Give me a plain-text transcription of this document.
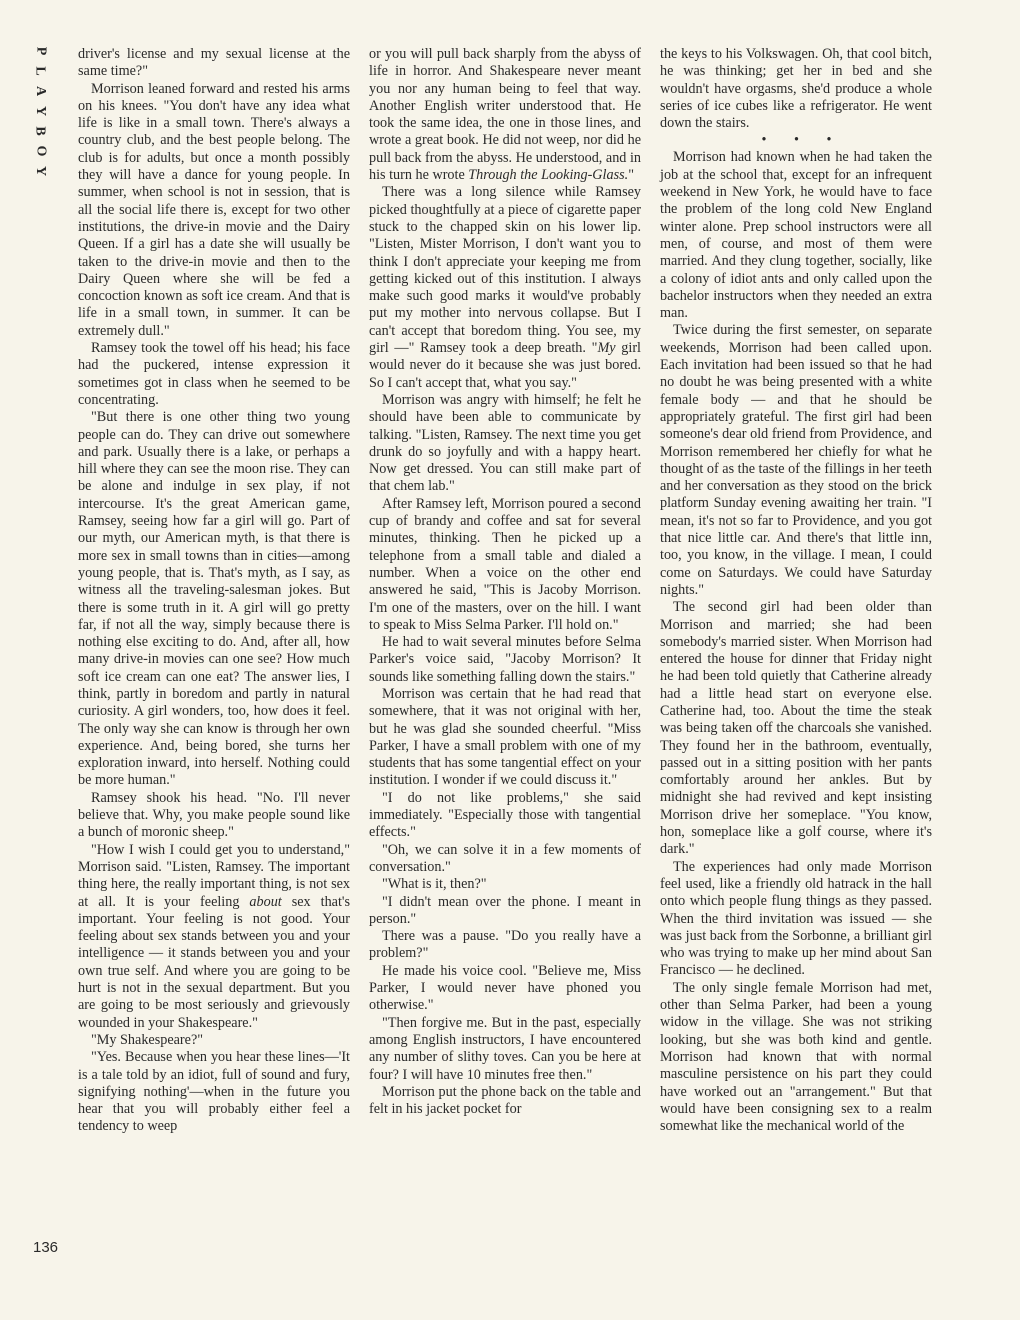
P
L
A
Y
B
O
Y

driver's license and my sexual license at the same time?"

Morrison leaned forward and rested his arms on his knees. "You don't have any idea what life is like in a small town. There's always a country club, and the best people belong. The club is for adults, but once a month possibly they will have a dance for young people. In summer, when school is not in session, that is all the social life there is, except for two other institutions, the drive-in movie and the Dairy Queen. If a girl has a date she will usually be taken to the drive-in movie and then to the Dairy Queen where she will be fed a concoction known as soft ice cream. And that is life in a small town, in summer. It can be extremely dull."

Ramsey took the towel off his head; his face had the puckered, intense expression it sometimes got in class when he seemed to be concentrating.

"But there is one other thing two young people can do. They can drive out somewhere and park. Usually there is a lake, or perhaps a hill where they can see the moon rise. They can be alone and indulge in sex play, if not intercourse. It's the great American game, Ramsey, seeing how far a girl will go. Part of our myth, our American myth, is that there is more sex in small towns than in cities—among young people, that is. That's myth, as I say, as witness all the traveling-salesman jokes. But there is some truth in it. A girl will go pretty far, if not all the way, simply because there is nothing else exciting to do. And, after all, how many drive-in movies can one see? How much soft ice cream can one eat? The answer lies, I think, partly in boredom and partly in natural curiosity. A girl wonders, too, how does it feel. The only way she can know is through her own experience. And, being bored, she turns her exploration inward, into herself. Nothing could be more human."

Ramsey shook his head. "No. I'll never believe that. Why, you make people sound like a bunch of moronic sheep."

"How I wish I could get you to understand," Morrison said. "Listen, Ramsey. The important thing here, the really important thing, is not sex at all. It is your feeling about sex that's important. Your feeling is not good. Your feeling about sex stands between you and your intelligence — it stands between you and your own true self. And where you are going to be hurt is not in the sexual department. But you are going to be most seriously and grievously wounded in your Shakespeare."

"My Shakespeare?"

"Yes. Because when you hear these lines—'It is a tale told by an idiot, full of sound and fury, signifying nothing'—when in the future you hear that you will probably either feel a tendency to weep

or you will pull back sharply from the abyss of life in horror. And Shakespeare never meant you nor any human being to feel that way. Another English writer understood that. He took the same idea, the one in those lines, and wrote a great book. He did not weep, nor did he pull back from the abyss. He understood, and in his turn he wrote Through the Looking-Glass."

There was a long silence while Ramsey picked thoughtfully at a piece of cigarette paper stuck to the chapped skin on his lower lip. "Listen, Mister Morrison, I don't want you to think I don't appreciate your keeping me from getting kicked out of this institution. I always make such good marks it would've probably put my mother into nervous collapse. But I can't accept that boredom thing. You see, my girl —" Ramsey took a deep breath. "My girl would never do it because she was just bored. So I can't accept that, what you say."

Morrison was angry with himself; he felt he should have been able to communicate by talking. "Listen, Ramsey. The next time you get drunk do so joyfully and with a happy heart. Now get dressed. You can still make part of that chem lab."

After Ramsey left, Morrison poured a second cup of brandy and coffee and sat for several minutes, thinking. Then he picked up a telephone from a small table and dialed a number. When a voice on the other end answered he said, "This is Jacoby Morrison. I'm one of the masters, over on the hill. I want to speak to Miss Selma Parker. I'll hold on."

He had to wait several minutes before Selma Parker's voice said, "Jacoby Morrison? It sounds like something falling down the stairs."

Morrison was certain that he had read that somewhere, that it was not original with her, but he was glad she sounded cheerful. "Miss Parker, I have a small problem with one of my students that has some tangential effect on your institution. I wonder if we could discuss it."

"I do not like problems," she said immediately. "Especially those with tangential effects."

"Oh, we can solve it in a few moments of conversation."

"What is it, then?"

"I didn't mean over the phone. I meant in person."

There was a pause. "Do you really have a problem?"

He made his voice cool. "Believe me, Miss Parker, I would never have phoned you otherwise."

"Then forgive me. But in the past, especially among English instructors, I have encountered any number of slithy toves. Can you be here at four? I will have 10 minutes free then."

Morrison put the phone back on the table and felt in his jacket pocket for

the keys to his Volkswagen. Oh, that cool bitch, he was thinking; get her in bed and she wouldn't have orgasms, she'd produce a whole series of ice cubes like a refrigerator. He went down the stairs.

• • •

Morrison had known when he had taken the job at the school that, except for an infrequent weekend in New York, he would have to face the problem of the long cold New England winter alone. Prep school instructors were all men, of course, and most of them were married. And they clung together, socially, like a colony of idiot ants and only called upon the bachelor instructors when they needed an extra man.

Twice during the first semester, on separate weekends, Morrison had been called upon. Each invitation had been issued so that he had no doubt he was being presented with a white female body — and that he should be appropriately grateful. The first girl had been someone's dear old friend from Providence, and Morrison remembered her chiefly for what he thought of as the taste of the fillings in her teeth and her conversation as they stood on the brick platform Sunday evening awaiting her train. "I mean, it's not so far to Providence, and you got that nice little car. And there's that little inn, too, you know, in the village. I mean, I could come on Saturdays. We could have Saturday nights."

The second girl had been older than Morrison and married; she had been somebody's married sister. When Morrison had entered the house for dinner that Friday night he had been told quietly that Catherine already had a little head start on everyone else. Catherine had, too. About the time the steak was being taken off the charcoals she vanished. They found her in the bathroom, eventually, passed out in a sitting position with her pants comfortably around her ankles. But by midnight she had revived and kept insisting Morrison drive her someplace. "You know, hon, someplace like a golf course, where it's dark."

The experiences had only made Morrison feel used, like a friendly old hatrack in the hall onto which people flung things as they passed. When the third invitation was issued — she was just back from the Sorbonne, a brilliant girl who was trying to make up her mind about San Francisco — he declined.

The only single female Morrison had met, other than Selma Parker, had been a young widow in the village. She was not striking looking, but she was both kind and gentle. Morrison had known that with normal masculine persistence on his part they could have worked out an "arrangement." But that would have been consigning sex to a realm somewhat like the mechanical world of the

136
